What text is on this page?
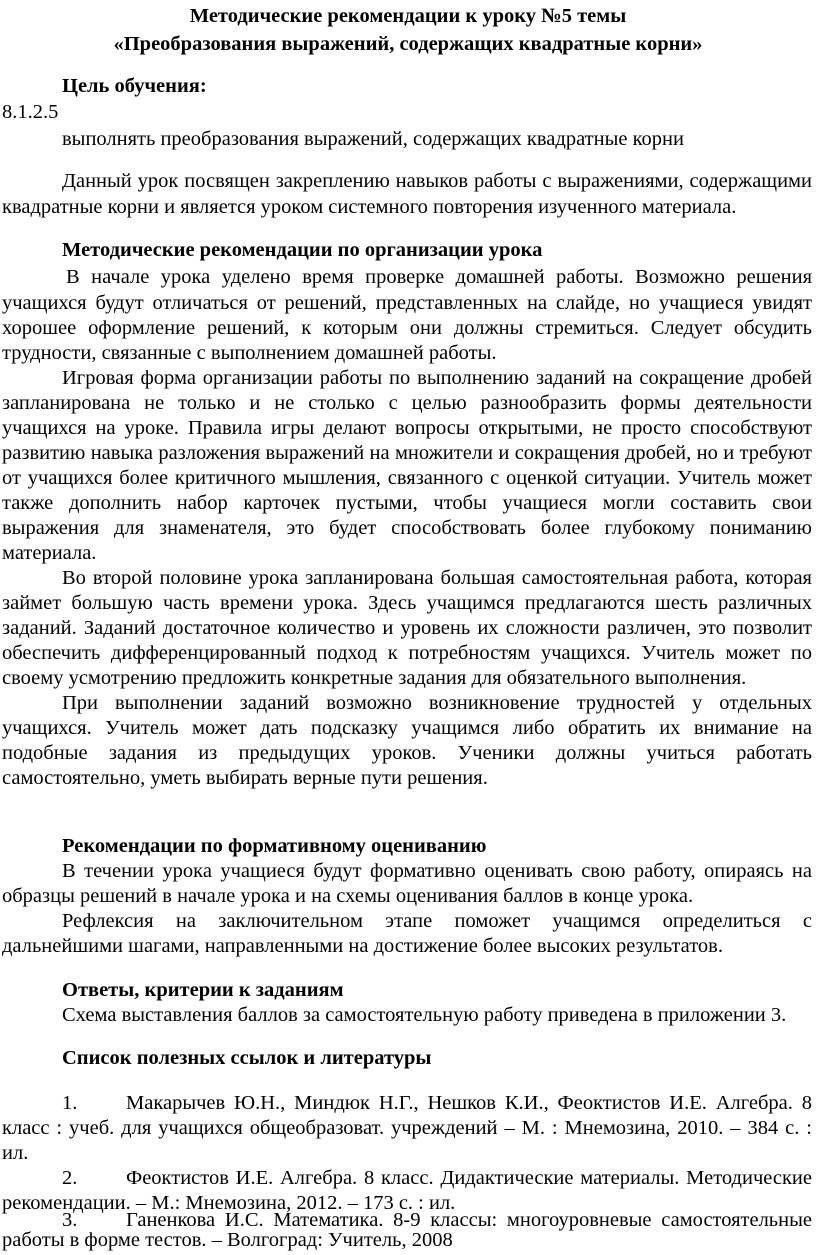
Методические рекомендации к уроку №5 темы

«Преобразования выражений, содержащих квадратные корни»

Цель обучения:

8.1.2.5

выполнять преобразования выражений, содержащих квадратные корни

Данный урок посвящен закреплению навыков работы с выражениями, содержащими

квадратные корни и является уроком системного повторения изученного материала.

Методические рекомендации по организации урока

В начале урока уделено время проверке домашней работы. Возможно решения

учащихся будут отличаться от решений, представленных на слайде, но учащиеся увидят

хорошее оформление решений, к которым они должны стремиться. Следует обсудить

трудности, связанные с выполнением домашней работы.

Игровая форма организации работы по выполнению заданий на сокращение дробей

запланирована не только и не столько с целью разнообразить формы деятельности

учащихся на уроке. Правила игры делают вопросы открытыми, не просто способствуют

развитию навыка разложения выражений на множители и сокращения дробей, но и требуют

от учащихся более критичного мышления, связанного с оценкой ситуации. Учитель может

также дополнить набор карточек пустыми, чтобы учащиеся могли составить свои

выражения для знаменателя, это будет способствовать более глубокому пониманию

материала.

Во второй половине урока запланирована большая самостоятельная работа, которая

займет большую часть времени урока. Здесь учащимся предлагаются шесть различных

заданий. Заданий достаточное количество и уровень их сложности различен, это позволит

обеспечить дифференцированный подход к потребностям учащихся. Учитель может по

своему усмотрению предложить конкретные задания для обязательного выполнения.

При выполнении заданий возможно возникновение трудностей у отдельных

учащихся. Учитель может дать подсказку учащимся либо обратить их внимание на

подобные задания из предыдущих уроков. Ученики должны учиться работать

самостоятельно, уметь выбирать верные пути решения.

Рекомендации по формативному оцениванию

В течении урока учащиеся будут формативно оценивать свою работу, опираясь на

образцы решений в начале урока и на схемы оценивания баллов в конце урока.

Рефлексия на заключительном этапе поможет учащимся определиться с

дальнейшими шагами, направленными на достижение более высоких результатов.

Ответы, критерии к заданиям

Схема выставления баллов за самостоятельную работу приведена в приложении 3.

Список полезных ссылок и литературы

1. Макарычев Ю.Н., Миндюк Н.Г., Нешков К.И., Феоктистов И.Е. Алгебра. 8

класс : учеб. для учащихся общеобразоват. учреждений – М. : Мнемозина, 2010. – 384 с. :

ил.

2. Феоктистов И.Е. Алгебра. 8 класс. Дидактические материалы. Методические

рекомендации. – М.: Мнемозина, 2012. – 173 с. : ил.

3. Ганенкова И.С. Математика. 8-9 классы: многоуровневые самостоятельные

работы в форме тестов. – Волгоград: Учитель, 2008
